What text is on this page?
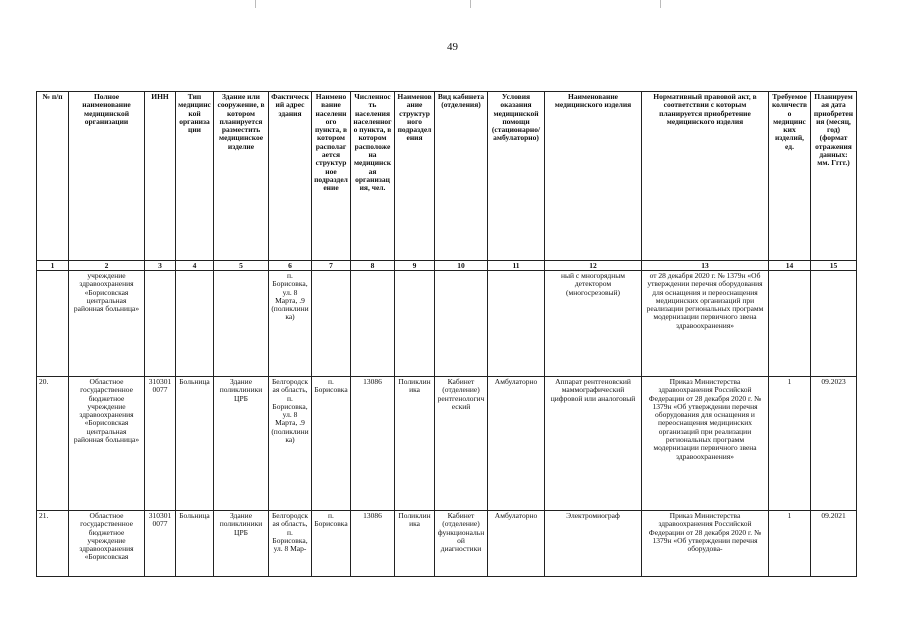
49
№ п/п	Полное наименование медицинской организации	ИНН	Тип медицинской организации	Здание или сооружение, в котором планируется разместить медицинское изделие	Фактический адрес здания	Наименование населенного пункта, в котором располагается структурное подразделение	Численность населения населенного пункта, в котором расположена медицинская организация, чел.	Наименование структурного подразделения	Вид кабинета (отделения)	Условия оказания медицинской помощи (стационарно/амбулаторно)	Наименование медицинского изделия	Нормативный правовой акт, в соответствии с которым планируется приобретение медицинского изделия	Требуемое количество медицинских изделий, ед.	Планируемая дата приобретения (месяц, год) (формат отражения данных: мм. Гггг.)
1	2	3	4	5	6	7	8	9	10	11	12	13	14	15
	учреждение здравоохранения «Борисовская центральная районная больница»				п. Борисовка, ул. 8 Марта, .9 (поликлиника)						ный с многорядным детектором (многосрезовый)	от 28 декабря 2020 г. № 1379н «Об утверждении перечня оборудования для оснащения и переоснащения медицинских организаций при реализации региональных программ модернизации первичного звена здравоохранения»		
20.	Областное государственное бюджетное учреждение здравоохранения «Борисовская центральная районная больница»	3103010077	Больница	Здание поликлиники ЦРБ	Белгородская область, п. Борисовка, ул. 8 Марта, .9 (поликлиника)	п. Борисовка	13086	Поликлиника	Кабинет (отделение) рентгенологический	Амбулаторно	Аппарат рентгеновский маммографический цифровой или аналоговый	Приказ Министерства здравоохранения Российской Федерации от 28 декабря 2020 г. № 1379н «Об утверждении перечня оборудования для оснащения и переоснащения медицинских организаций при реализации региональных программ модернизации первичного звена здравоохранения»	1	09.2023
21.	Областное государственное бюджетное учреждение здравоохранения «Борисовская	3103010077	Больница	Здание поликлиники ЦРБ	Белгородская область, п. Борисовка, ул. 8 Мар-	п. Борисовка	13086	Поликлиника	Кабинет (отделение) функциональной диагностики	Амбулаторно	Электромиограф	Приказ Министерства здравоохранения Российской Федерации от 28 декабря 2020 г. № 1379н «Об утверждении перечня оборудова-	1	09.2021
